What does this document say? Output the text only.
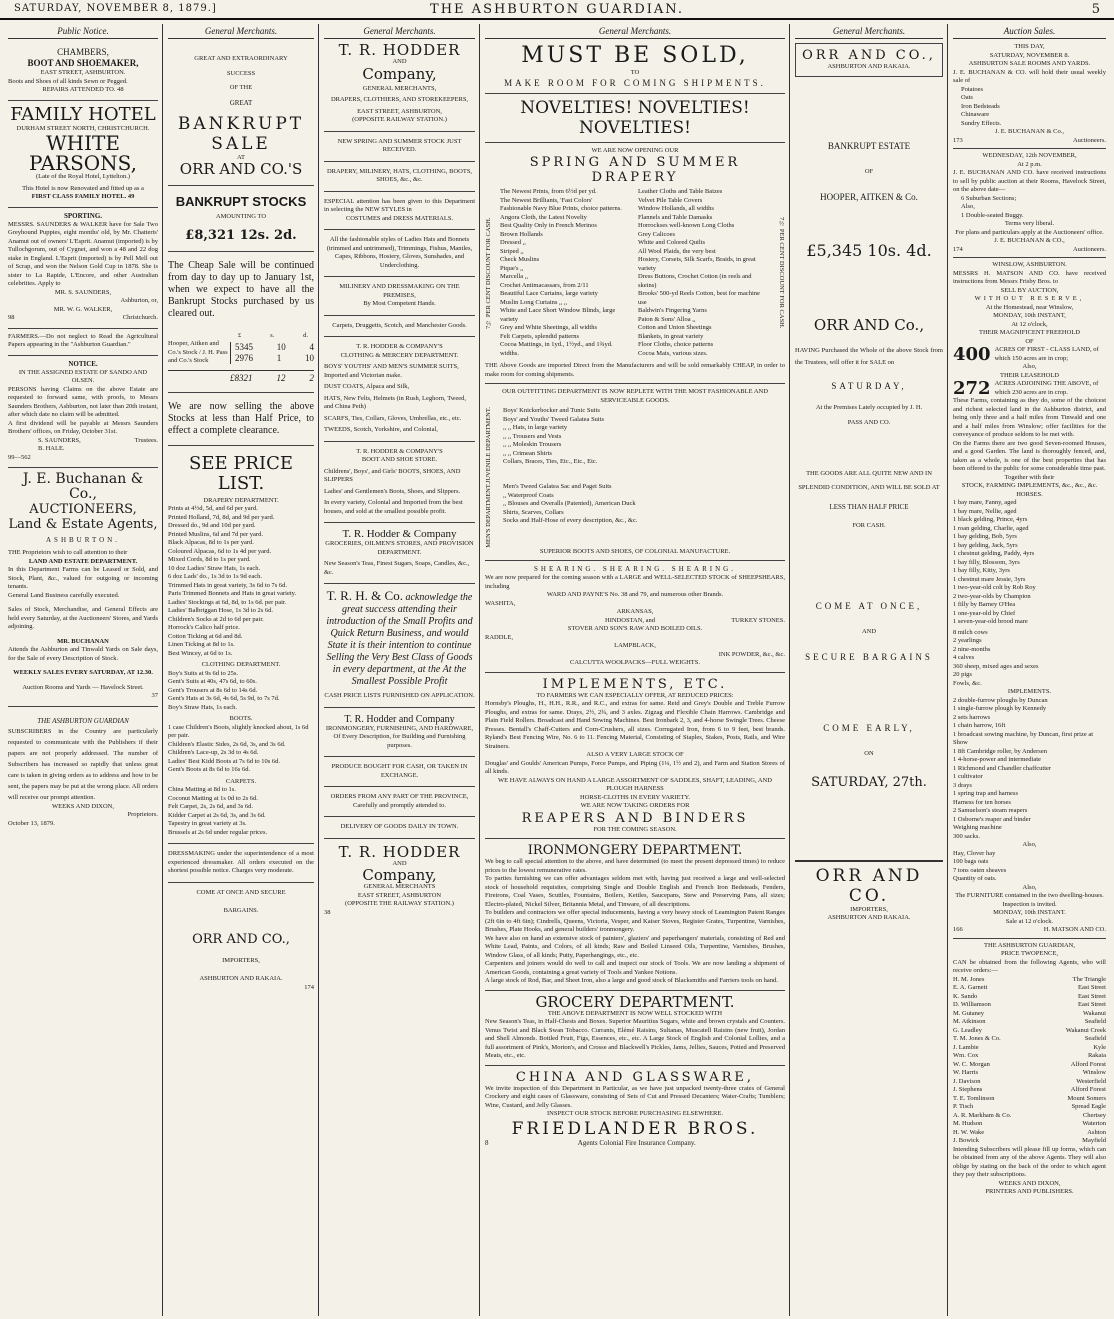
SATURDAY, NOVEMBER 8, 1879.]	THE ASHBURTON GUARDIAN.	5
Public Notice.
CHAMBERS,
BOOT AND SHOEMAKER,
EAST STREET, ASHBURTON.
Boots and Shoes of all kinds Sewn or Pegged.
REPAIRS ATTENDED TO. 48
FAMILY HOTEL
DURHAM STREET NORTH, CHRISTCHURCH.
WHITE PARSONS,
(Late of the Royal Hotel, Lyttelton.)
This Hotel is now Renovated and fitted up as a
FIRST CLASS FAMILY HOTEL. 49
SPORTING.
MESSRS. SAUNDERS & WALKER have for Sale Two Greyhound Puppies, eight months' old, by Mr. Chatteris' Anamut out of owners' L'Esprit. Anamut (imported) is by Tullochgorum, out of Cygnet, and won a 48 and 22 dog stake in England. L'Esprit (imported) is by Pell Mell out of Scrap, and won the Nelson Gold Cup in 1878. She is sister to La Rapide, L'Encore, and other Australian celebrities. Apply to
MR. S. SAUNDERS,
Ashburton, or,
MR. W. G. WALKER,
98	Christchurch.
FARMERS.—Do not neglect to Read the Agricultural Papers appearing in the "Ashburton Guardian."
NOTICE.
IN THE ASSIGNED ESTATE OF SANDO AND OLSEN.
PERSONS having Claims on the above Estate are requested to forward same, with proofs, to Messrs Saunders Brothers, Ashburton, not later than 20th instant, after which date no claim will be admitted.
A first dividend will be payable at Messrs Saunders Brothers' offices, on Friday, October 31st.
S. SAUNDERS,
B. HALE.
Trustees.
99—562
J. E. Buchanan & Co.,
AUCTIONEERS,
Land & Estate Agents,
ASHBURTON.
THE Proprietors wish to call attention to their
LAND AND ESTATE DEPARTMENT.
In this Department Farms can be Leased or Sold, and Stock, Plant, &c., valued for outgoing or incoming tenants.
General Land Business carefully executed.
Sales of Stock, Merchandise, and General Effects are held every Saturday, at the Auctioneers' Stores, and Yards adjoining.
MR. BUCHANAN
Attends the Ashburton and Tinwald Yards on Sale days, for the Sale of every Description of Stock.
WEEKLY SALES EVERY SATURDAY, AT 12.30.
Auction Rooms and Yards — Havelock Street.
37
THE ASHBURTON GUARDIAN
SUBSCRIBERS in the Country are particularly requested to communicate with the Publishers if their papers are not properly addressed. The number of Subscribers has increased so rapidly that unless great care is taken in giving orders as to address and how to be sent, the papers may be put at the wrong place. All orders will receive our prompt attention.
WEEKS AND DIXON,
Proprietors.
October 13, 1879.
General Merchants.
GREAT AND EXTRAORDINARY
SUCCESS
OF THE
GREAT
BANKRUPT
SALE
AT
ORR AND CO.'S
BANKRUPT STOCKS
AMOUNTING TO
£8,321 12s. 2d.
The Cheap Sale will be continued from day to day up to January 1st, when we expect to have all the Bankrupt Stocks purchased by us cleared out.
£	s.	d.
Hooper, Aitken and Co.'s Stock / J. H. Pass and Co.'s Stock
5345	10	4
2976	1	10
£8321	12	2
We are now selling the above Stocks at less than Half Price, to effect a complete clearance.
SEE PRICE LIST.
DRAPERY DEPARTMENT.
Prints at 4½d, 5d, and 6d per yard.
Printed Holland, 7d, 8d, and 9d per yard.
Dressed do., 9d and 10d per yard.
Printed Muslins, 6d and 7d per yard.
Black Alpacas, 8d to 1s per yard.
Coloured Alpacas, 6d to 1s 4d per yard.
Mixed Cords, 8d to 1s per yard.
10 doz Ladies' Straw Hats, 1s each.
6 doz Lads' do., 1s 3d to 1s 9d each.
Trimmed Hats in great variety, 3s 6d to 7s 6d.
Paris Trimmed Bonnets and Hats in great variety.
Ladies' Stockings at 6d, 8d, to 1s 6d. per pair.
Ladies' Balbriggan Hose, 1s 3d to 2s 6d.
Children's Socks at 2d to 6d per pair.
Horrock's Calico half price.
Cotton Ticking at 6d and 8d.
Linen Ticking at 8d to 1s.
Best Wincey, at 6d to 1s.
CLOTHING DEPARTMENT.
Boy's Suits at 9s 6d to 25s.
Gent's Suits at 40s, 47s 6d, to 60s.
Gent's Trousers at 8s 6d to 14s 6d.
Gent's Hats at 3s 6d, 4s 6d, 5s 9d, to 7s 7d.
Boy's Straw Hats, 1s each.
BOOTS.
1 case Children's Boots, slightly knocked about, 1s 6d per pair.
Children's Elastic Sides, 2s 6d, 3s, and 3s 6d.
Children's Lace-up, 2s 3d to 4s 6d.
Ladies' Best Kidd Boots at 7s 6d to 10s 6d.
Gent's Boots at 8s 6d to 16s 6d.
CARPETS.
China Matting at 8d to 1s.
Coconut Matting at 1s 0d to 2s 6d.
Felt Carpet, 2s, 2s 6d, and 3s 6d.
Kidder Carpet at 2s 6d, 3s, and 3s 6d.
Tapestry in great variety at 3s.
Brussels at 2s 6d under regular prices.
DRESSMAKING under the superintendence of a most experienced dressmaker. All orders executed on the shortest possible notice. Charges very moderate.
COME AT ONCE AND SECURE
BARGAINS.
ORR AND CO.,
IMPORTERS,
ASHBURTON AND RAKAIA.
174
General Merchants.
T. R. HODDER
AND
Company,
GENERAL MERCHANTS,
DRAPERS, CLOTHIERS, AND STOREKEEPERS,
EAST STREET, ASHBURTON,
(OPPOSITE RAILWAY STATION.)
NEW SPRING AND SUMMER STOCK JUST RECEIVED.
DRAPERY, MILINERY, HATS, CLOTHING, BOOTS, SHOES, &c., &c.
ESPECIAL attention has been given to this Department in selecting the NEW STYLES in
COSTUMES and DRESS MATERIALS.
All the fashionable styles of Ladies Hats and Bonnets (trimmed and untrimmed), Trimmings, Fishus, Mantles, Capes, Ribbons, Hosiery, Gloves, Sunshades, and Underclothing.
MILINERY AND DRESSMAKING ON THE PREMISES,
By Most Competent Hands.
Carpets, Druggetts, Scotch, and Manchester Goods.
T. R. HODDER & COMPANY'S
CLOTHING & MERCERY DEPARTMENT.
BOYS' YOUTHS' AND MEN'S SUMMER SUITS, Imported and Victorian make.
DUST COATS, Alpaca and Silk,
HATS, New Felts, Helmets (in Rush, Leghorn, Tweed, and China Peth)
SCARFS, Ties, Collars, Gloves, Umbrellas, etc., etc.
TWEEDS, Scotch, Yorkshire, and Colonial,
T. R. HODDER & COMPANY'S
BOOT AND SHOE STORE.
Childrens', Boys', and Girls' BOOTS, SHOES, AND SLIPPERS
Ladies' and Gentlemen's Boots, Shoes, and Slippers.
In every variety, Colonial and Imported from the best houses, and sold at the smallest possible profit.
T. R. Hodder & Company
GROCERIES, OILMEN'S STORES, AND PROVISION DEPARTMENT.
New Season's Teas, Finest Sugars, Soaps, Candles, &c., &c.
T. R. H. & Co. acknowledge the great success attending their introduction of the Small Profits and Quick Return Business, and would State it is their intention to continue Selling the Very Best Class of Goods in every department, at the At the Smallest Possible Profit
CASH PRICE LISTS FURNISHED ON APPLICATION.
T. R. Hodder and Company
IRONMONGERY, FURNISHING, AND HARDWARE,
Of Every Description, for Building and Furnishing purposes.
PRODUCE BOUGHT FOR CASH, OR TAKEN IN EXCHANGE.
ORDERS FROM ANY PART OF THE PROVINCE,
Carefully and promptly attended to.
DELIVERY OF GOODS DAILY IN TOWN.
T. R. HODDER
AND
Company,
GENERAL MERCHANTS
EAST STREET, ASHBURTON
(OPPOSITE THE RAILWAY STATION.)
38
General Merchants.
MUST BE SOLD,
TO
MAKE ROOM FOR COMING SHIPMENTS.
NOVELTIES! NOVELTIES! NOVELTIES!
WE ARE NOW OPENING OUR
SPRING AND SUMMER DRAPERY
7½ PER CENT DISCOUNT FOR CASH.
The Newest Prints, from 6½d per yd.
The Newest Brilliants, 'Fast Colors'
Fashionable Navy Blue Prints, choice patterns.
Angora Cloth, the Latest Novelty
Best Quality Only in French Merinos
Brown Hollands
Dressed ,,
Striped ,,
Check Muslins
Pique's ,,
Marcella ,,
Crochet Antimacassars, from 2/11
Beautiful Lace Curtains, large variety
Muslin Long Curtains ,, ,,
White and Lace Short Window Blinds, large variety
Grey and White Sheetings, all widths
Felt Carpets, splendid patterns
Cocoa Mattings, in 1yd., 1½yd., and 1¾yd. widths.
Leather Cloths and Table Baizes
Velvet Pile Table Covers
Window Hollands, all widths
Flannels and Table Damasks
Horrockses well-known Long Cloths
Grey Calicoes
White and Colored Quilts
All Wool Plaids, the very best
Hosiery, Corsets, Silk Scarfs, Braids, in great variety
Dress Buttons, Crochet Cotton (in reels and skeins)
Brooks' 500-yd Reels Cotton, best for machine use
Baldwin's Fingering Yarns
Paton & Sons' Alloa ,,
Cotton and Union Sheetings
Blankets, in great variety
Floor Cloths, choice patterns
Cocoa Mats, various sizes.
7½ PER CENT DISCOUNT FOR CASH.
THE Above Goods are imported Direct from the Manufacturers and will be sold remarkably CHEAP, in order to make room for coming shipments.
OUR OUTFITTING DEPARTMENT IS NOW REPLETE WITH THE MOST FASHIONABLE AND SERVICEABLE GOODS.
JUVENILE DEPARTMENT.	Boys' Knickerbocker and Tunic Suits
Boys' and Youths' Tweed Galatea Suits
,, ,, Hats, in large variety
,, ,, Trousers and Vests
,, ,, Moleskin Trousers
,, ,, Crimean Shirts
Collars, Braces, Ties, Etc., Etc., Etc.
MEN'S DEPARTMENT.	Men's Tweed Galatea Sac and Paget Suits
,, Waterproof Coats
,, Blouses and Overalls (Patented), American Duck
Shirts, Scarves, Collars
Socks and Half-Hose of every description, &c., &c.
SUPERIOR BOOTS AND SHOES, OF COLONIAL MANUFACTURE.
SHEARING. SHEARING. SHEARING.
We are now prepared for the coming season with a LARGE and WELL-SELECTED STOCK of SHEEPSHEARS, including
WARD AND PAYNE'S No. 38 and 79, and numerous other Brands.
WASHITA,
ARKANSAS,
HINDOSTAN, and	TURKEY STONES.
STOVER AND SON'S RAW AND BOILED OILS.
RADDLE,
LAMPBLACK,
INK POWDER, &c., &c.
CALCUTTA WOOLPACKS—FULL WEIGHTS.
IMPLEMENTS, ETC.
TO FARMERS WE CAN ESPECIALLY OFFER, AT REDUCED PRICES:
Hornsby's Ploughs, H., H.H., R.R., and R.C., and extras for same. Reid and Grey's Double and Treble Furrow Ploughs, and extras for same. Drays, 2½, 2¾, and 3 axles. Zigzag and Flexible Chain Harrows. Cambridge and Plain Field Rollers. Broadcast and Hand Sowing Machines. Best Ironbark 2, 3, and 4-horse Swingle Trees. Cheese Presses. Bentall's Chaff-Cutters and Corn-Crushers, all sizes. Corrugated Iron, from 6 to 9 feet, best brands. Ryland's Best Fencing Wire, No. 6 to 11. Fencing Material, Consisting of Staples, Stakes, Posts, Rails, and Wire Strainers.
ALSO A VERY LARGE STOCK OF
Douglas' and Goulds' American Pumps, Force Pumps, and Piping (1¼, 1½ and 2), and Farm and Station Stores of all kinds.
WE HAVE ALWAYS ON HAND A LARGE ASSORTMENT OF SADDLES, SHAFT, LEADING, AND PLOUGH HARNESS
HORSE-CLOTHS IN EVERY VARIETY.
WE ARE NOW TAKING ORDERS FOR
REAPERS AND BINDERS
FOR THE COMING SEASON.
IRONMONGERY DEPARTMENT.
We beg to call special attention to the above, and have determined (to meet the present depressed times) to reduce prices to the lowest remunerative rates.
To parties furnishing we can offer advantages seldom met with, having just received a large and well-selected stock of household requisites, comprising Single and Double English and French Iron Bedsteads, Fenders, Fireirons, Coal Vases, Scuttles, Fountains, Boilers, Kettles, Saucepans, Stew and Preserving Pans, all sizes; Electro-plated, Nickel Silver, Britannia Metal, and Tinware, of all descriptions.
To builders and contractors we offer special inducements, having a very heavy stock of Leamington Patent Ranges (2ft 6in to 4ft 6in); Cindrells, Queens, Victoria, Vesper, and Kaiser Stoves, Register Grates, Turpentine, Varnishes, Brushes, Plate Hooks, and general builders' ironmongery.
We have also on hand an extensive stock of painters', glaziers' and paperhangers' materials, consisting of Red and White Lead, Paints, and Colors, of all kinds; Raw and Boiled Linseed Oils, Turpentine, Varnishes, Brushes, Window Glass, of all kinds; Putty, Paperhangings, etc., etc.
Carpenters and joiners would do well to call and inspect our stock of Tools. We are now landing a shipment of American Goods, containing a great variety of Tools and Yankee Notions.
A large stock of Rod, Bar, and Sheet Iron, also a large and good stock of Blacksmiths and Farriers tools on hand.
GROCERY DEPARTMENT.
THE ABOVE DEPARTMENT IS NOW WELL STOCKED WITH
New Season's Teas, in Half-Chests and Boxes. Superior Mauritius Sugars, white and brown crystals and Counters. Venus Twist and Black Swan Tobacco. Currants, Elémé Raisins, Sultanas, Muscatell Raisins (new fruit), Jordan and Shell Almonds. Bottled Fruit, Figs, Essences, etc., etc. A Large Stock of English and Colonial Lollies, and a full assortment of Pink's, Morton's, and Crosse and Blackwell's Pickles, Jams, Jellies, Sauces, Potted and Preserved Meats, etc., etc.
CHINA AND GLASSWARE,
We invite inspection of this Department in Particular, as we have just unpacked twenty-three crates of General Crockery and eight cases of Glassware, consisting of Sets of Cut and Pressed Decanters; Water-Crafts; Tumblers; Wine, Custard, and Jelly Glasses.
INSPECT OUR STOCK BEFORE PURCHASING ELSEWHERE.
FRIEDLANDER BROS.
8	Agents Colonial Fire Insurance Company.
General Merchants.
ORR AND CO.,
ASHBURTON AND RAKAIA.
BANKRUPT ESTATE
OF
HOOPER, AITKEN & Co.
£5,345 10s. 4d.
ORR AND Co.,
HAVING Purchased the Whole of the above Stock from the Trustees, will offer it for SALE on
SATURDAY,
At the Premises Lately occupied by J. H.
PASS AND CO.
THE GOODS ARE ALL QUITE NEW AND IN SPLENDID CONDITION, AND WILL BE SOLD AT
LESS THAN HALF PRICE
FOR CASH.
COME AT ONCE,
AND
SECURE BARGAINS
COME EARLY,
ON
SATURDAY, 27th.
ORR AND CO.
IMPORTERS,
ASHBURTON AND RAKAIA.
Auction Sales.
THIS DAY,
SATURDAY, NOVEMBER 8.
ASHBURTON SALE ROOMS AND YARDS.
J. E. BUCHANAN & CO. will hold their usual weekly sale of
Potatoes
Oats
Iron Bedsteads
Chinaware
Sundry Effects.
J. E. BUCHANAN & Co.,
173	Auctioneers.
WEDNESDAY, 12th NOVEMBER,
At 2 p.m.
J. E. BUCHANAN AND CO. have received instructions to sell by public auction at their Rooms, Havelock Street, on the above date—
6 Suburban Sections;
Also,
1 Double-seated Buggy.
Terms very liberal.
For plans and particulars apply at the Auctioneers' office.
J. E. BUCHANAN & CO.,
174	Auctioneers.
WINSLOW, ASHBURTON.
MESSRS H. MATSON AND CO. have received instructions from Messrs Frisby Bros. to
SELL BY AUCTION,
WITHOUT RESERVE,
At the Homestead, near Winslow,
MONDAY, 10th INSTANT,
At 12 o'clock,
THEIR MAGNIFICENT FREEHOLD
OF
400 ACRES OF FIRST - CLASS LAND, of which 150 acres are in crop;
Also,
THEIR LEASEHOLD
272 ACRES ADJOINING THE ABOVE, of which 230 acres are in crop.
These Farms, containing as they do, some of the choicest and richest selected land in the Ashburton district, and being only three and a half miles from Tinwald and one and a half miles from Winslow; offer facilities for the conveyance of produce seldom to be met with.
On the Farms there are two good Seven-roomed Houses, and a good Garden. The land is thoroughly fenced, and, taken as a whole, is one of the best properties that has been offered to the public for some considerable time past.
Together with their
STOCK, FARMING IMPLEMENTS, &c., &c., &c.
HORSES.
1 bay mare, Fanny, aged
1 bay mare, Nellie, aged
1 black gelding, Prince, 4yrs
1 roan gelding, Charlie, aged
1 bay gelding, Bob, 5yrs
1 bay gelding, Jack, 5yrs
1 chestnut gelding, Paddy, 4yrs
1 bay filly, Blossom, 3yrs
1 bay filly, Kitty, 3yrs
1 chestnut mare Jessie, 3yrs
1 two-year-old colt by Rob Roy
2 two-year-olds by Champion
1 filly by Barney O'Hea
1 one-year-old by Chief
1 seven-year-old brood mare
8 milch cows
2 yearlings
2 nine-months
4 calves
360 sheep, mixed ages and sexes
20 pigs
Fowls, &c.
IMPLEMENTS.
2 double-furrow ploughs by Duncan
1 single-furrow plough by Kennedy
2 sets harrows
1 chain harrow, 16ft
1 broadcast sowing machine, by Duncan, first prize at Show
1 8ft Cambridge roller, by Andersen
1 4-horse-power and intermediate
1 Richmond and Chandler chaffcutter
1 cultivator
3 drays
1 spring trap and harness
Harness for ten horses
2 Samuelson's steam reapers
1 Osborne's reaper and binder
Weighing machine
300 sacks.
Also,
Hay, Clover hay
100 bags oats
7 tons oaten sheaves
Quantity of oats.
Also,
The FURNITURE contained in the two dwelling-houses.
Inspection is invited.
MONDAY, 10th INSTANT.
Sale at 12 o'clock.
166	H. MATSON AND CO.
THE ASHBURTON GUARDIAN,
PRICE TWOPENCE,
CAN be obtained from the following Agents, who will receive orders:—
H. M. Jones	The Triangle
E. A. Garnett	East Street
K. Sando	East Street
D. Williamson	East Street
M. Gutaney	Wakanui
M. Atkinson	Seafield
G. Leadley	Wakanui Creek
T. M. Jones & Co.	Seafield
J. Lambie	Kyle
Wm. Cox	Rakaia
W. C. Morgan	Alford Forest
W. Harris	Winslow
J. Davison	Westerfield
J. Stephens	Alford Forest
T. E. Tomlinson	Mount Somers
P. Tisch	Spread Eagle
A. R. Markham & Co.	Chertsey
M. Hudson	Waterton
H. W. Wake	Ashton
J. Bowick	Mayfield
Intending Subscribers will please fill up forms, which can be obtained from any of the above Agents. They will also oblige by stating on the back of the order to which agent they pay their subscriptions.
WEEKS AND DIXON,
PRINTERS AND PUBLISHERS.
